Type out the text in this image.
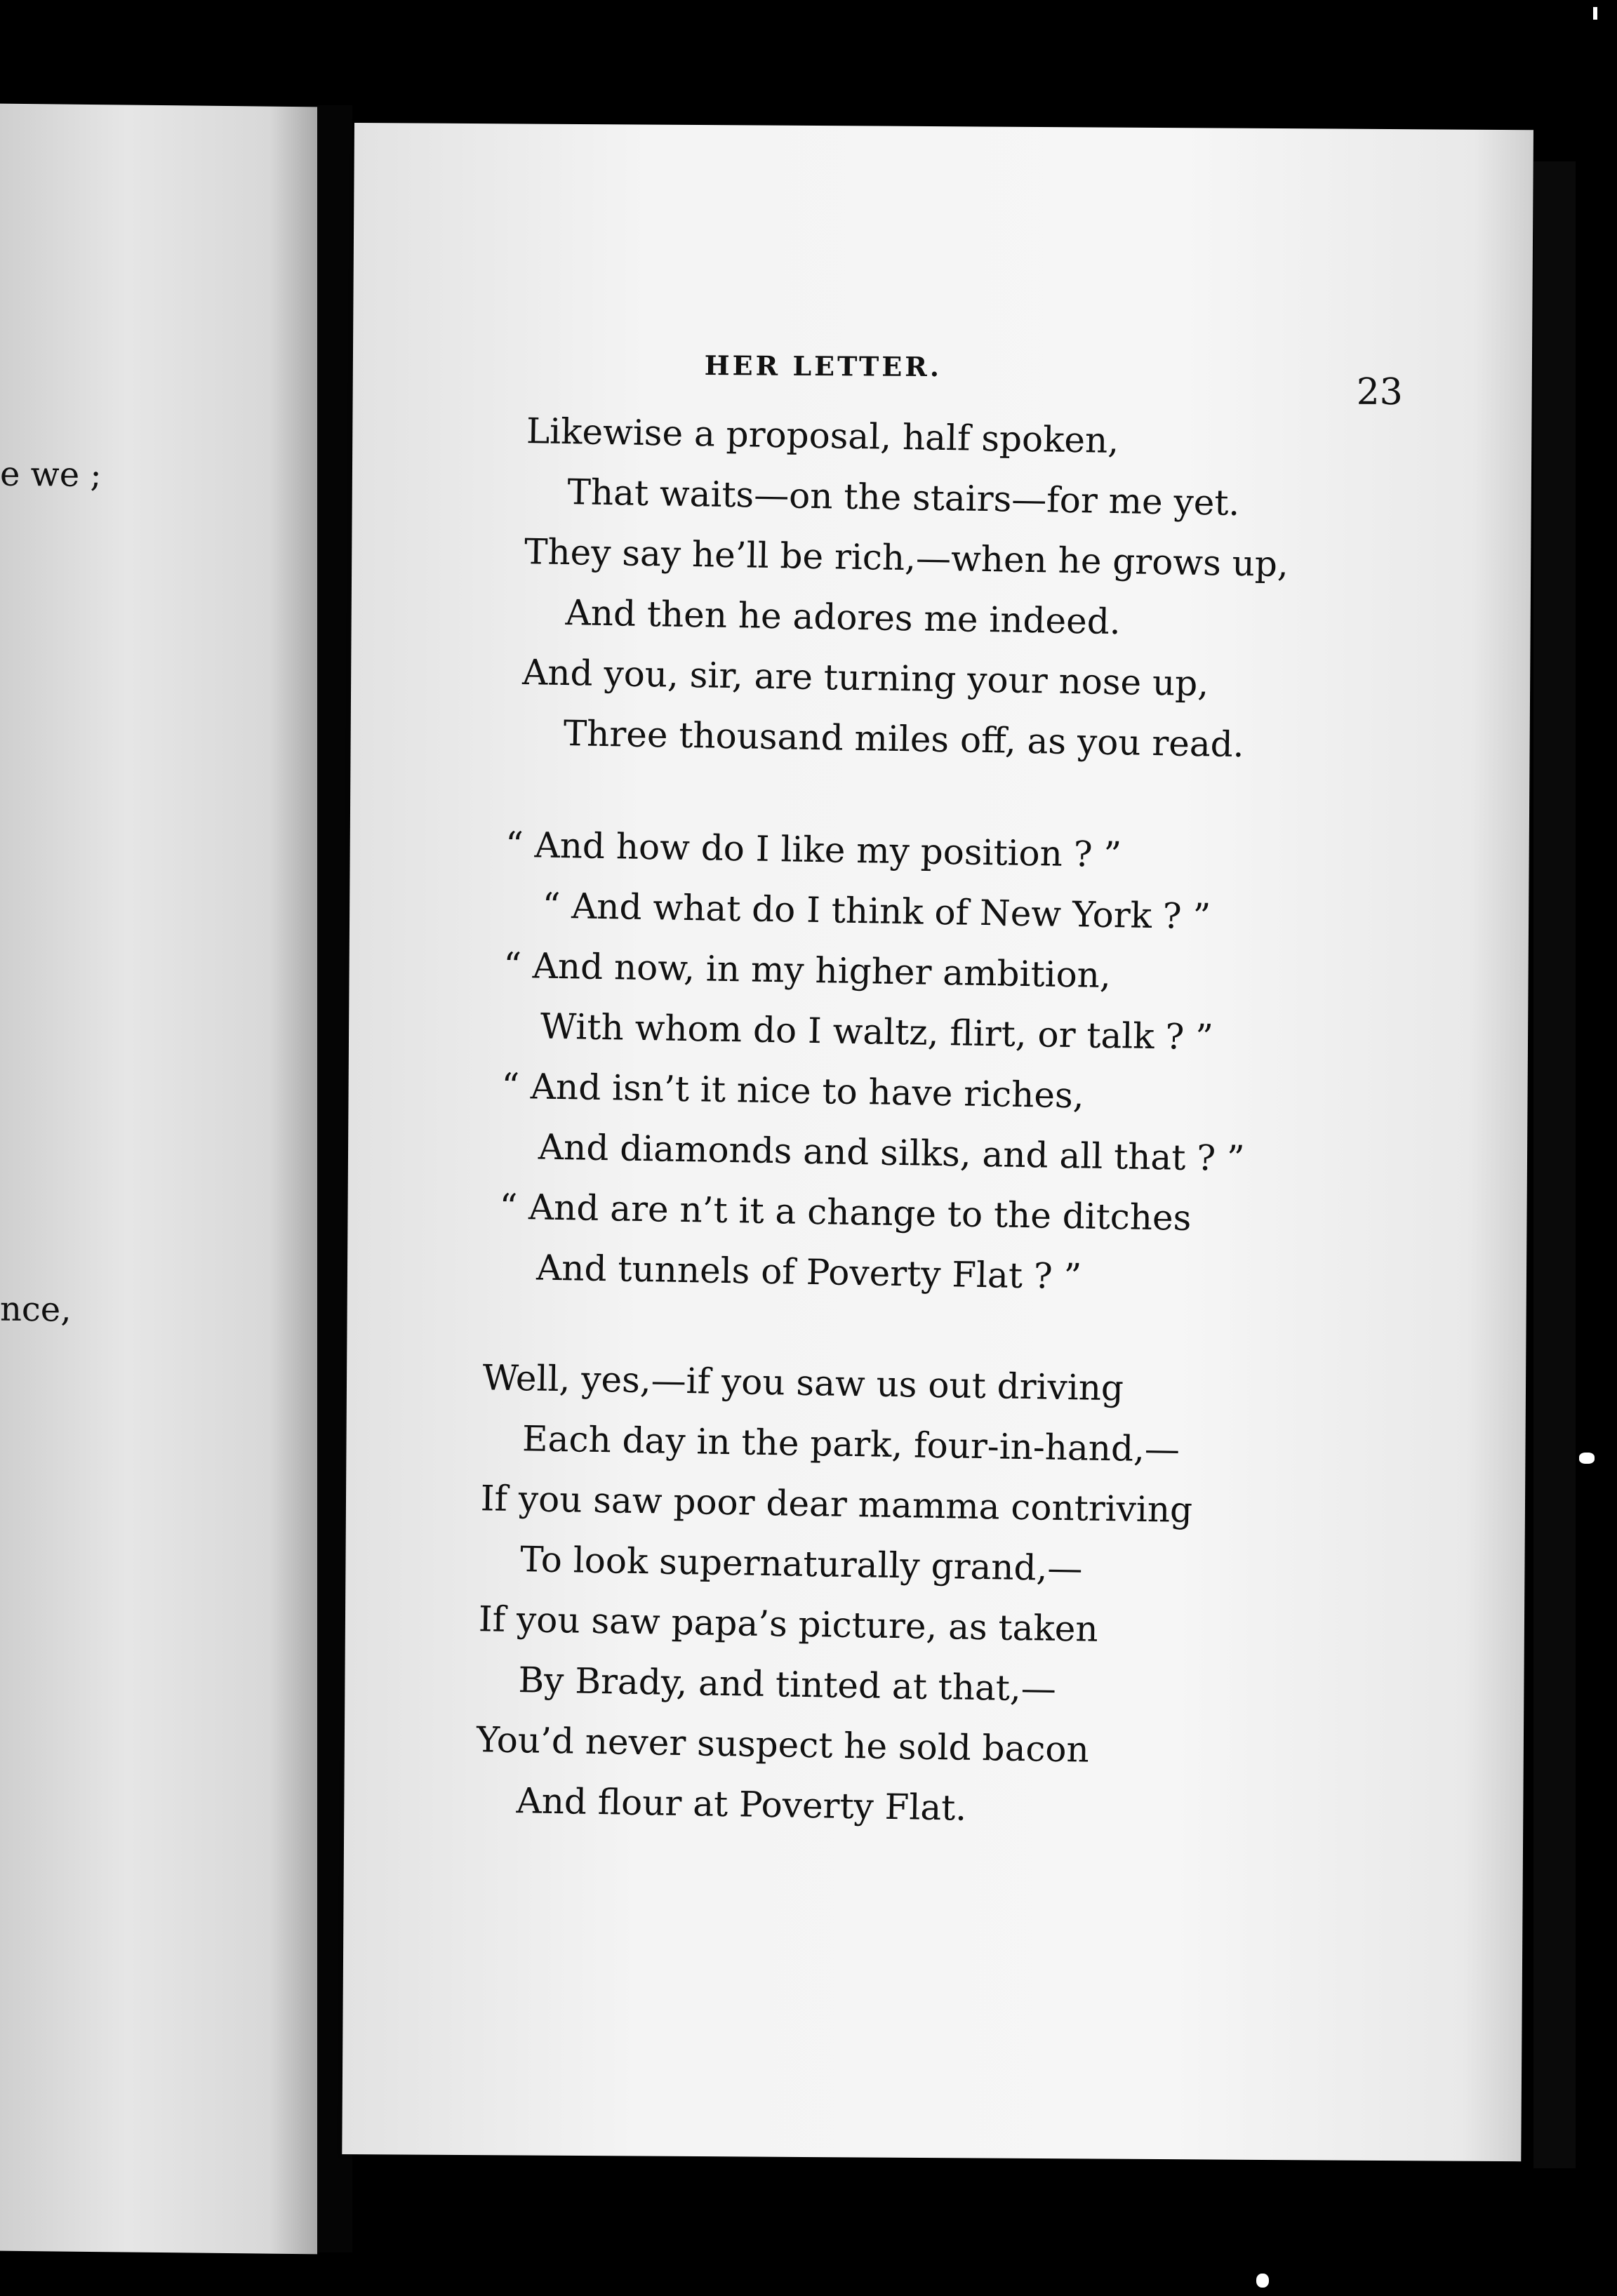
e we ;
nce,
HER LETTER.
23
Likewise a proposal, half spoken,
That waits—on the stairs—for me yet.
They say he’ll be rich,—when he grows up,
And then he adores me indeed.
And you, sir, are turning your nose up,
Three thousand miles off, as you read.
“ And how do I like my position ? ”
“ And what do I think of New York ? ”
“ And now, in my higher ambition,
With whom do I waltz, flirt, or talk ? ”
“ And isn’t it nice to have riches,
And diamonds and silks, and all that ? ”
“ And are n’t it a change to the ditches
And tunnels of Poverty Flat ? ”
Well, yes,—if you saw us out driving
Each day in the park, four-in-hand,—
If you saw poor dear mamma contriving
To look supernaturally grand,—
If you saw papa’s picture, as taken
By Brady, and tinted at that,—
You’d never suspect he sold bacon
And flour at Poverty Flat.
